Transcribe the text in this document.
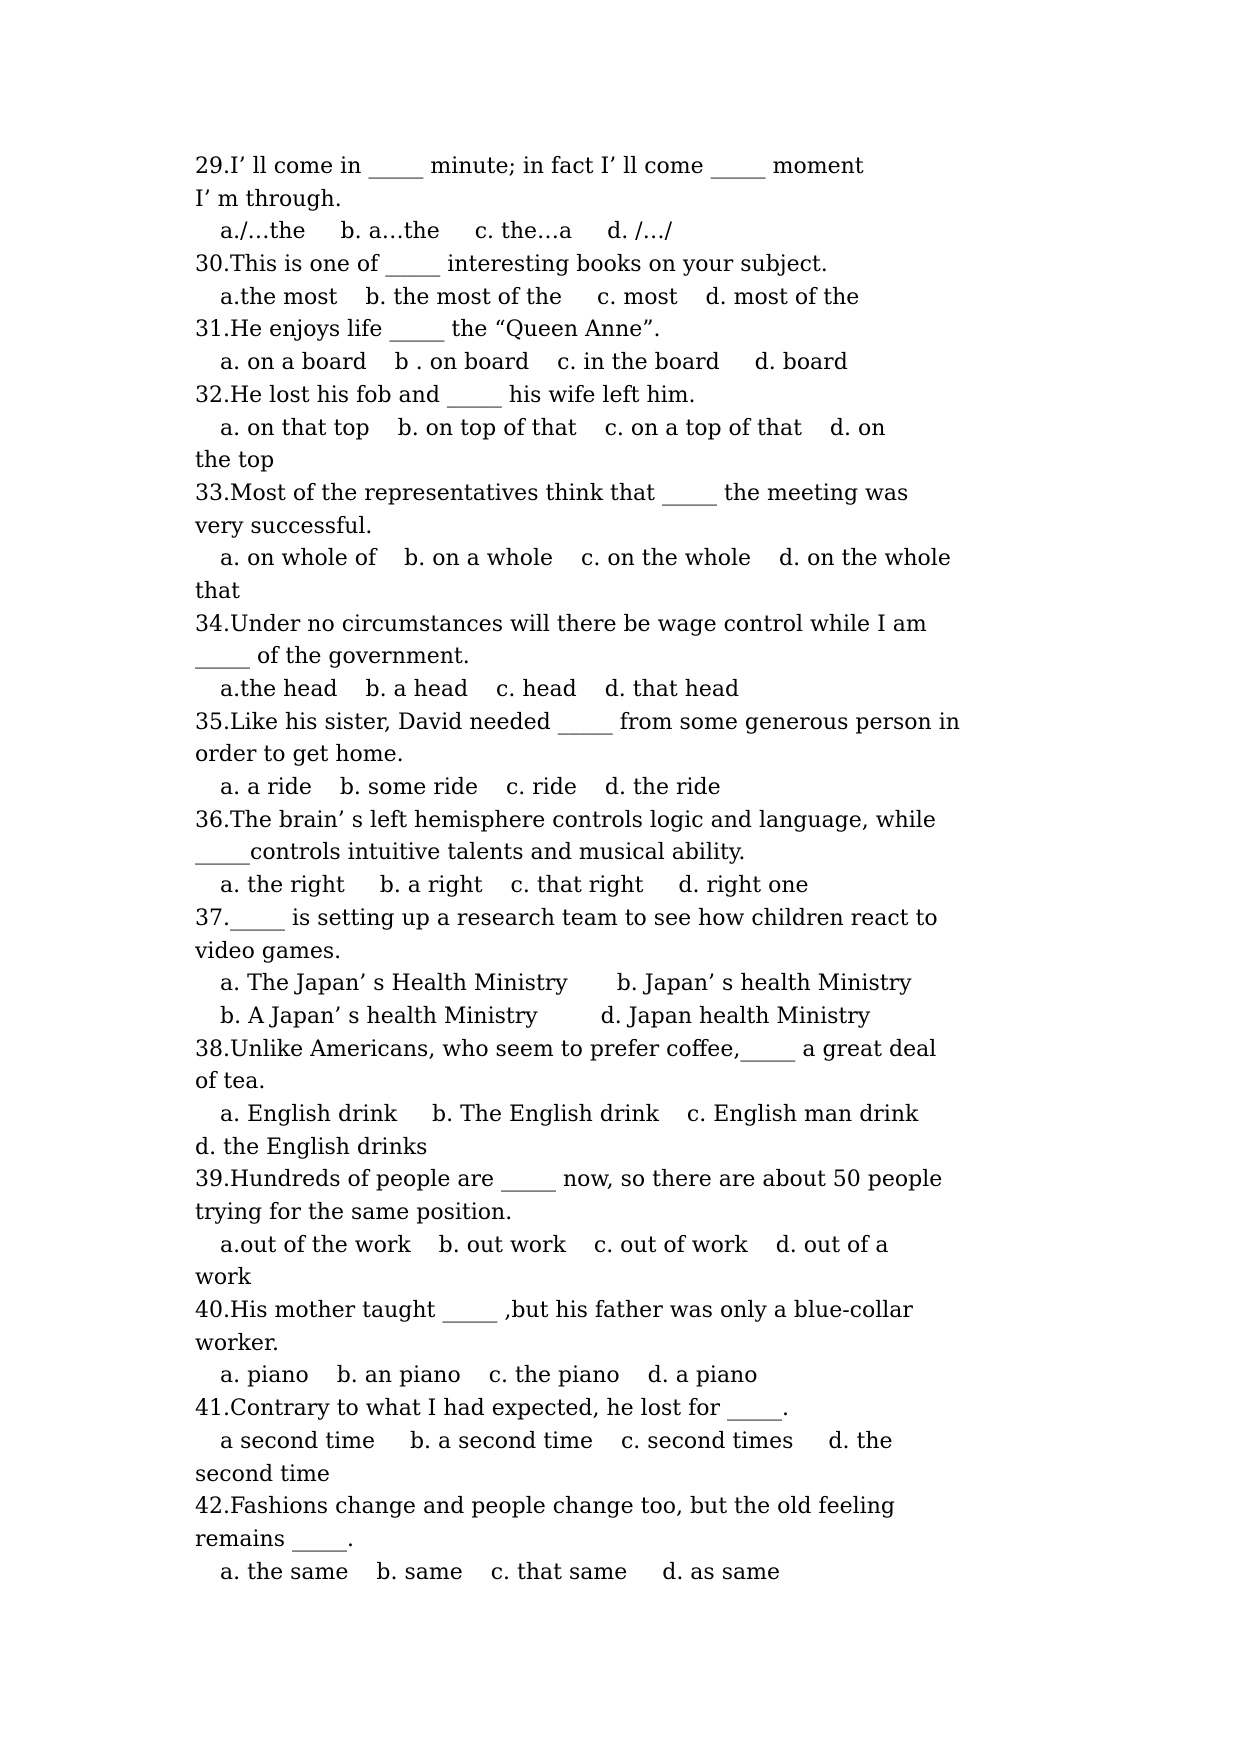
29.I’ ll come in _____ minute; in fact I’ ll come _____ moment
I’ m through.
a./…the     b. a…the     c. the…a     d. /…/
30.This is one of _____ interesting books on your subject.
a.the most    b. the most of the     c. most    d. most of the
31.He enjoys life _____ the “Queen Anne”.
a. on a board    b . on board    c. in the board     d. board
32.He lost his fob and _____ his wife left him.
a. on that top    b. on top of that    c. on a top of that    d. on
the top
33.Most of the representatives think that _____ the meeting was
very successful.
a. on whole of    b. on a whole    c. on the whole    d. on the whole
that
34.Under no circumstances will there be wage control while I am
_____ of the government.
a.the head    b. a head    c. head    d. that head
35.Like his sister, David needed _____ from some generous person in
order to get home.
a. a ride    b. some ride    c. ride    d. the ride
36.The brain’ s left hemisphere controls logic and language, while
_____controls intuitive talents and musical ability.
a. the right     b. a right    c. that right     d. right one
37._____ is setting up a research team to see how children react to
video games.
a. The Japan’ s Health Ministry       b. Japan’ s health Ministry
b. A Japan’ s health Ministry         d. Japan health Ministry
38.Unlike Americans, who seem to prefer coffee,_____ a great deal
of tea.
a. English drink     b. The English drink    c. English man drink
d. the English drinks
39.Hundreds of people are _____ now, so there are about 50 people
trying for the same position.
a.out of the work    b. out work    c. out of work    d. out of a
work
40.His mother taught _____ ,but his father was only a blue-collar
worker.
a. piano    b. an piano    c. the piano    d. a piano
41.Contrary to what I had expected, he lost for _____.
a second time     b. a second time    c. second times     d. the
second time
42.Fashions change and people change too, but the old feeling
remains _____.
a. the same    b. same    c. that same     d. as same
